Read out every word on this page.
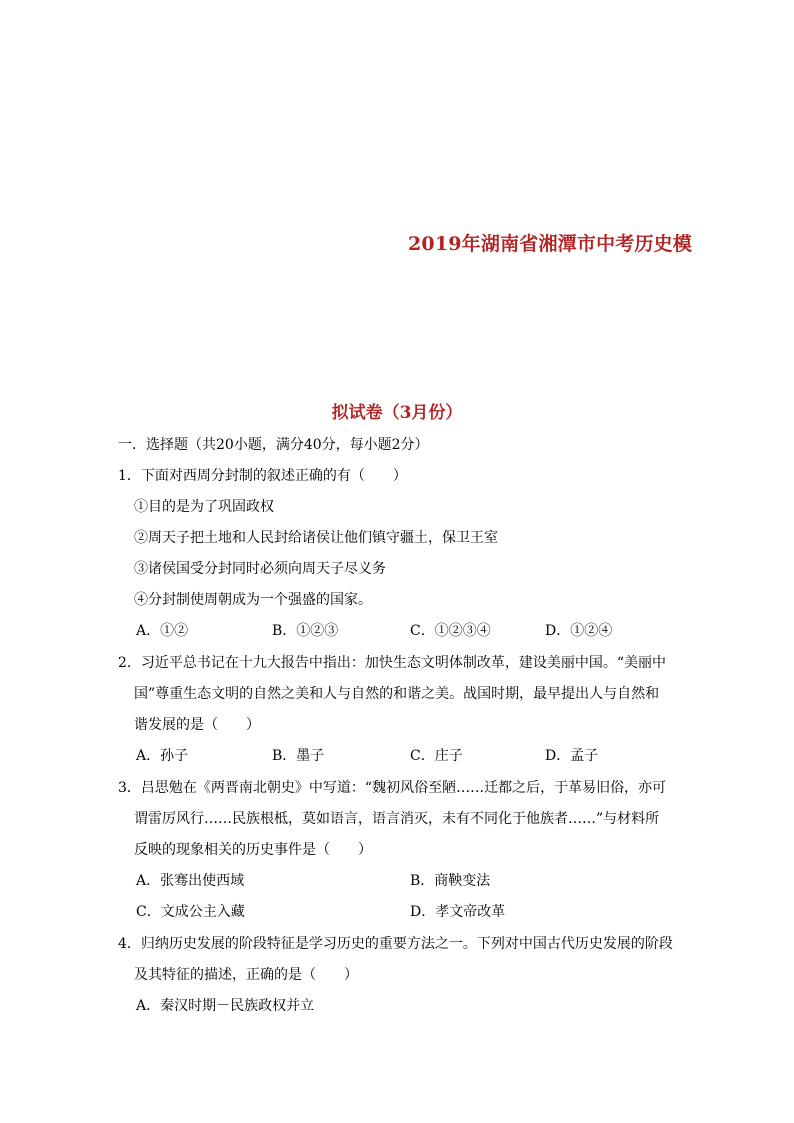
2019年湖南省湘潭市中考历史模
拟试卷（3月份）
一．选择题（共20小题，满分40分，每小题2分）
1．下面对西周分封制的叙述正确的有（　　）
①目的是为了巩固政权
②周天子把土地和人民封给诸侯让他们镇守疆土，保卫王室
③诸侯国受分封同时必须向周天子尽义务
④分封制使周朝成为一个强盛的国家。
A．①②	B．①②③	C．①②③④	D．①②④
2．习近平总书记在十九大报告中指出：加快生态文明体制改革，建设美丽中国。“美丽中
国”尊重生态文明的自然之美和人与自然的和谐之美。战国时期，最早提出人与自然和
谐发展的是（　　）
A．孙子	B．墨子	C．庄子	D．孟子
3．吕思勉在《两晋南北朝史》中写道：“魏初风俗至陋……迁都之后，于革易旧俗，亦可
谓雷厉风行……民族根柢，莫如语言，语言消灭，未有不同化于他族者……”与材料所
反映的现象相关的历史事件是（　　）
A．张骞出使西域	B．商鞅变法
C．文成公主入藏	D．孝文帝改革
4．归纳历史发展的阶段特征是学习历史的重要方法之一。下列对中国古代历史发展的阶段
及其特征的描述，正确的是（　　）
A．秦汉时期－民族政权并立
